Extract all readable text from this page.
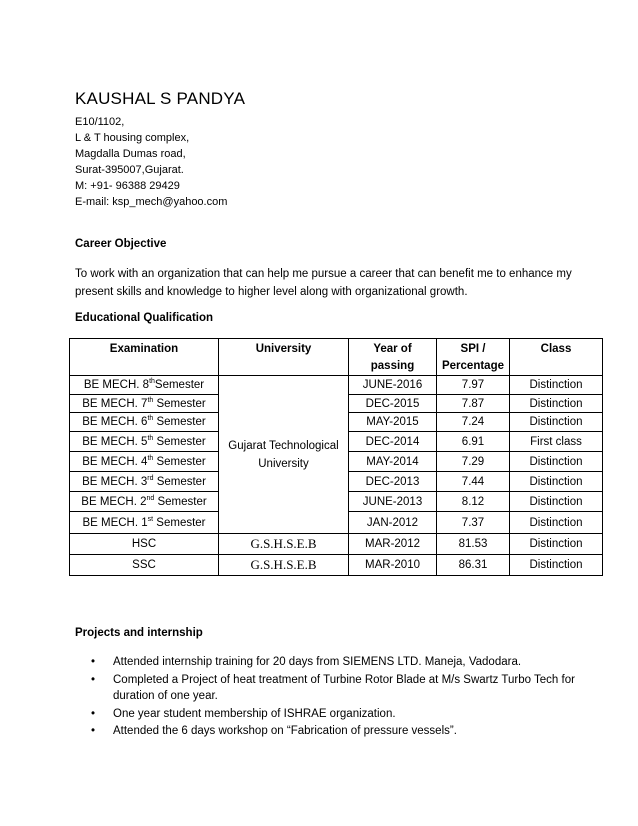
KAUSHAL S PANDYA
E10/1102,
L & T housing complex,
Magdalla Dumas road,
Surat-395007,Gujarat.
M: +91- 96388 29429
E-mail: ksp_mech@yahoo.com
Career Objective
To work with an organization that can help me pursue a career that can benefit me to enhance my present skills and knowledge to higher level along with organizational growth.
Educational Qualification
Examination	University	Year of passing	SPI / Percentage	Class
BE MECH. 8thSemester	Gujarat Technological University	JUNE-2016	7.97	Distinction
BE MECH. 7th Semester		DEC-2015	7.87	Distinction
BE MECH. 6th Semester		MAY-2015	7.24	Distinction
BE MECH. 5th Semester		DEC-2014	6.91	First class
BE MECH. 4th Semester		MAY-2014	7.29	Distinction
BE MECH. 3rd Semester		DEC-2013	7.44	Distinction
BE MECH. 2nd Semester		JUNE-2013	8.12	Distinction
BE MECH. 1st Semester		JAN-2012	7.37	Distinction
HSC	G.S.H.S.E.B	MAR-2012	81.53	Distinction
SSC	G.S.H.S.E.B	MAR-2010	86.31	Distinction
Projects and internship
• Attended internship training for 20 days from SIEMENS LTD. Maneja, Vadodara.
• Completed a Project of heat treatment of Turbine Rotor Blade at M/s Swartz Turbo Tech for duration of one year.
• One year student membership of ISHRAE organization.
• Attended the 6 days workshop on “Fabrication of pressure vessels”.
